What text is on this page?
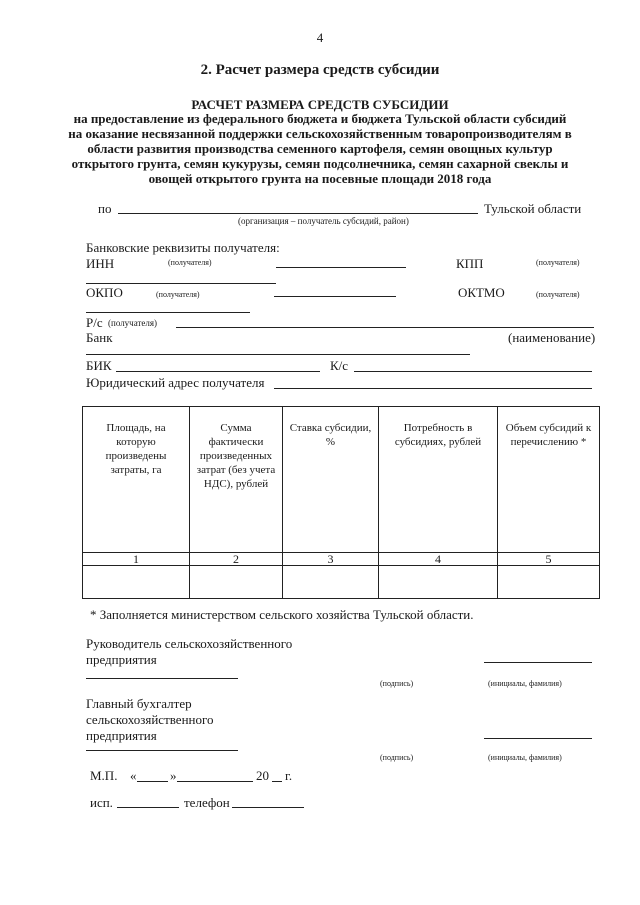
4
2. Расчет размера средств субсидии
РАСЧЕТ РАЗМЕРА СРЕДСТВ СУБСИДИИ
на предоставление из федерального бюджета и бюджета Тульской области субсидий
на оказание несвязанной поддержки сельскохозяйственным товаропроизводителям в
области развития производства семенного картофеля, семян овощных культур
открытого грунта, семян кукурузы, семян подсолнечника, семян сахарной свеклы и
овощей открытого грунта на посевные площади 2018 года
по	Тульской области
(организация – получатель субсидий, район)
Банковские реквизиты получателя:
ИНН	(получателя)	КПП	(получателя)
ОКПО	(получателя)	ОКТМО	(получателя)
Р/с (получателя)
Банк	(наименование)
БИК	К/с
Юридический адрес получателя
Площадь, на которую произведены затраты, га	Сумма фактически произведенных затрат (без учета НДС), рублей	Ставка субсидии, %	Потребность в субсидиях, рублей	Объем субсидий к перечислению *
1	2	3	4	5

* Заполняется министерством сельского хозяйства Тульской области.
Руководитель сельскохозяйственного
предприятия
(подпись)	(инициалы, фамилия)
Главный бухгалтер
сельскохозяйственного
предприятия
(подпись)	(инициалы, фамилия)
М.П. «	»	20 г.
исп.	телефон
